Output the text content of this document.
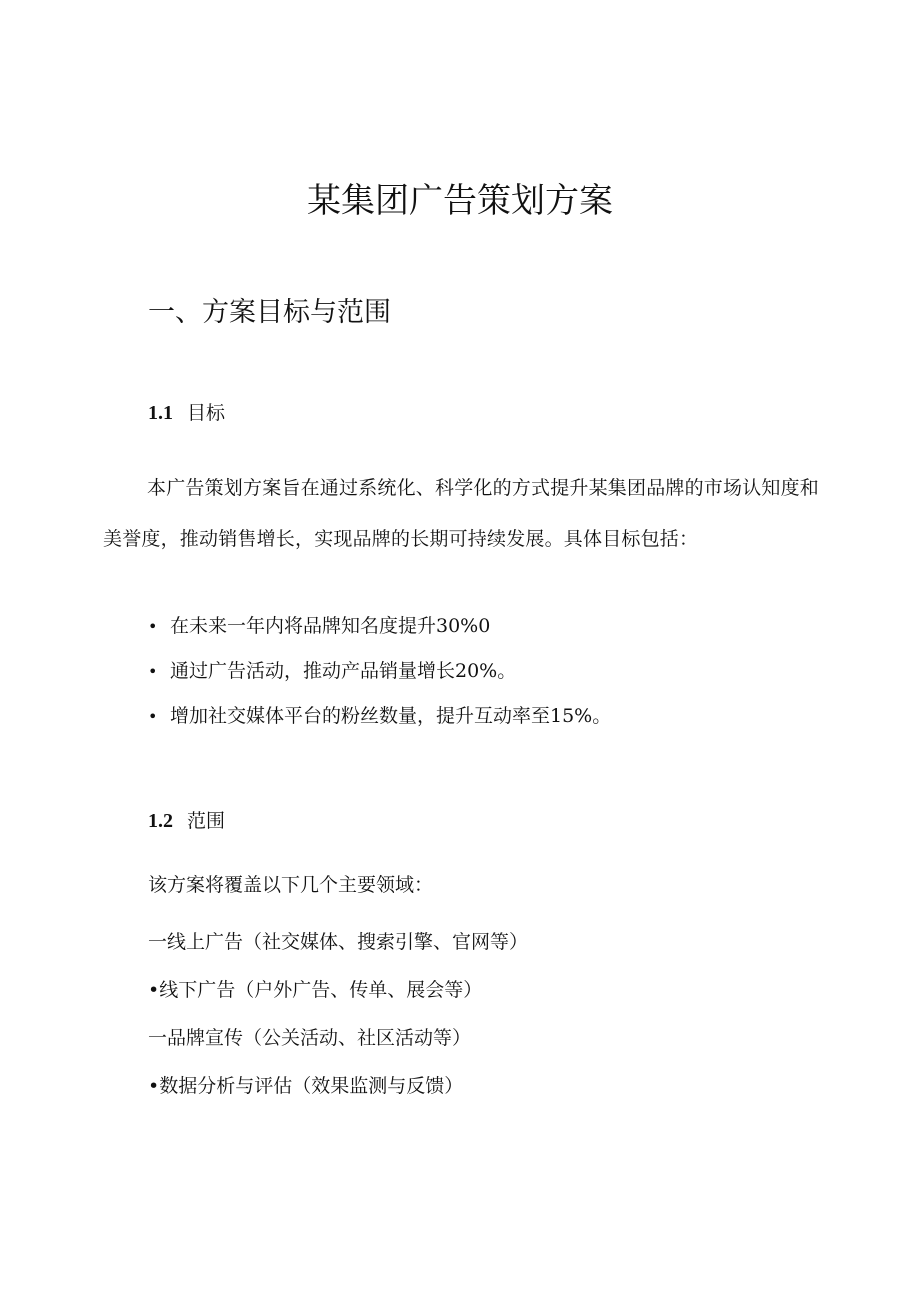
某集团广告策划方案
一、方案目标与范围
1.1 目标

本广告策划方案旨在通过系统化、科学化的方式提升某集团品牌的市场认知度和美誉度，推动销售增长，实现品牌的长期可持续发展。具体目标包括：

• 在未来一年内将品牌知名度提升30%0
• 通过广告活动，推动产品销量增长20%。
• 增加社交媒体平台的粉丝数量，提升互动率至15%。
1.2 范围

该方案将覆盖以下几个主要领域：

一线上广告（社交媒体、搜索引擎、官网等）
•线下广告（户外广告、传单、展会等）
一品牌宣传（公关活动、社区活动等）
•数据分析与评估（效果监测与反馈）
